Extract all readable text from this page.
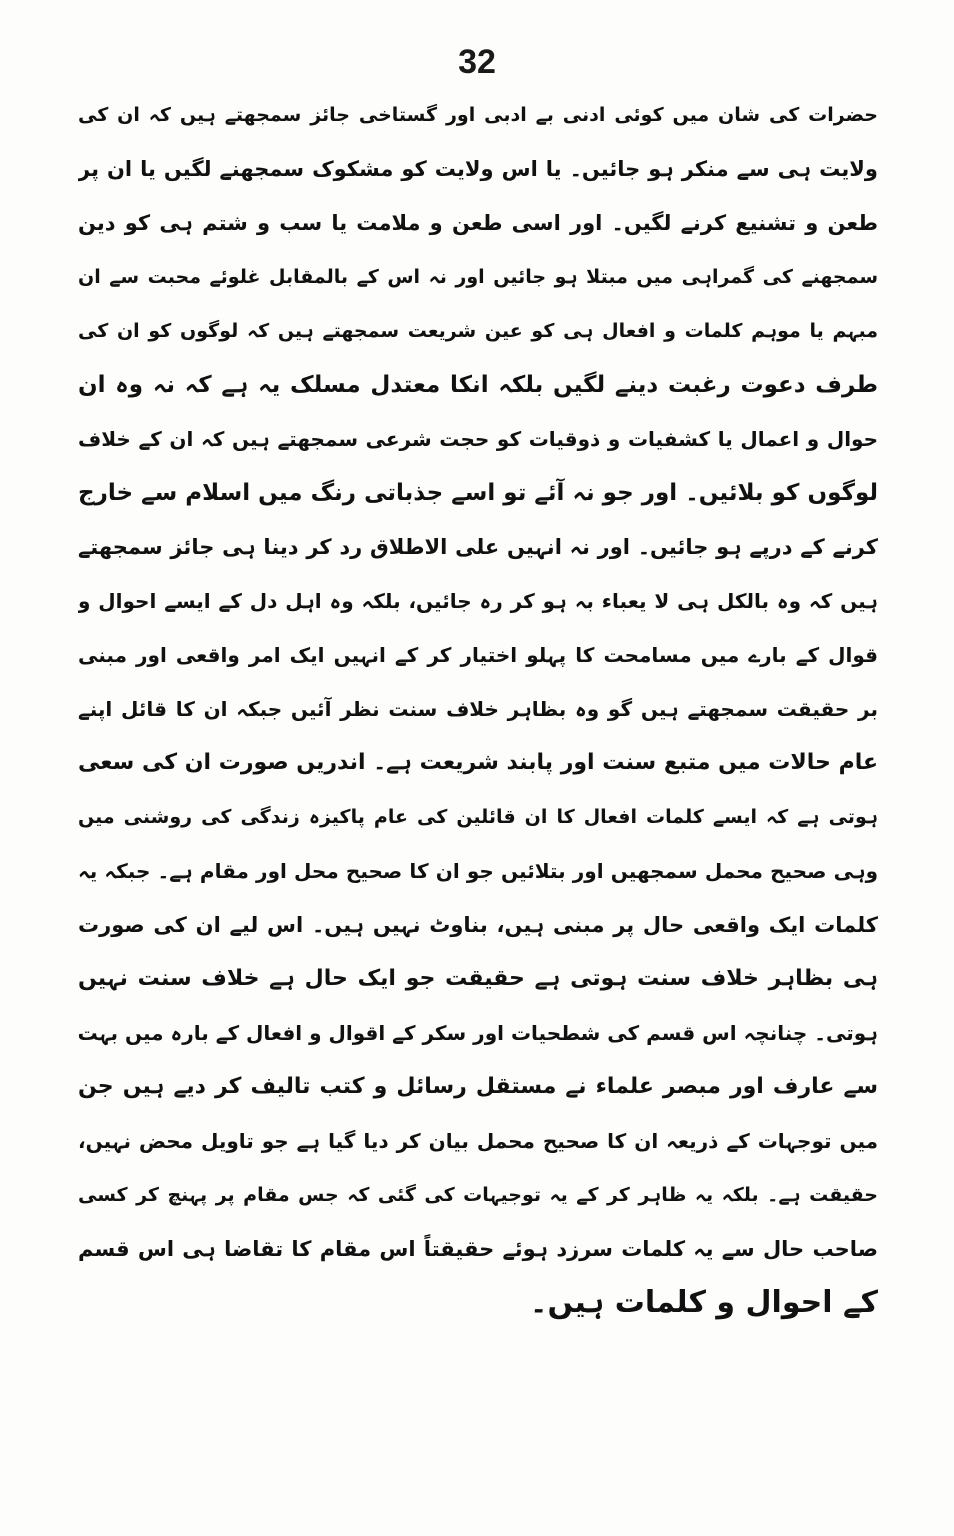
32
حضرات کی شان میں کوئی ادنی بے ادبی اور گستاخی جائز سمجھتے ہیں کہ ان کی
ولایت ہی سے منکر ہو جائیں۔ یا اس ولایت کو مشکوک سمجھنے لگیں یا ان پر
طعن و تشنیع کرنے لگیں۔ اور اسی طعن و ملامت یا سب و شتم ہی کو دین
سمجھنے کی گمراہی میں مبتلا ہو جائیں اور نہ اس کے بالمقابل غلوئے محبت سے ان
مبہم یا موہم کلمات و افعال ہی کو عین شریعت سمجھتے ہیں کہ لوگوں کو ان کی
طرف دعوت رغبت دینے لگیں بلکہ انکا معتدل مسلک یہ ہے کہ نہ وہ ان
حوال و اعمال یا کشفیات و ذوقیات کو حجت شرعی سمجھتے ہیں کہ ان کے خلاف
لوگوں کو بلائیں۔ اور جو نہ آئے تو اسے جذباتی رنگ میں اسلام سے خارج
کرنے کے درپے ہو جائیں۔ اور نہ انہیں علی الاطلاق رد کر دینا ہی جائز سمجھتے
ہیں کہ وہ بالکل ہی لا یعباء بہ ہو کر رہ جائیں، بلکہ وہ اہل دل کے ایسے احوال و
قوال کے بارے میں مسامحت کا پہلو اختیار کر کے انہیں ایک امر واقعی اور مبنی
بر حقیقت سمجھتے ہیں گو وہ بظاہر خلاف سنت نظر آئیں جبکہ ان کا قائل اپنے
عام حالات میں متبع سنت اور پابند شریعت ہے۔ اندریں صورت ان کی سعی
ہوتی ہے کہ ایسے کلمات افعال کا ان قائلین کی عام پاکیزہ زندگی کی روشنی میں
وہی صحیح محمل سمجھیں اور بتلائیں جو ان کا صحیح محل اور مقام ہے۔ جبکہ یہ
کلمات ایک واقعی حال پر مبنی ہیں، بناوٹ نہیں ہیں۔ اس لیے ان کی صورت
ہی بظاہر خلاف سنت ہوتی ہے حقیقت جو ایک حال ہے خلاف سنت نہیں
ہوتی۔ چنانچہ اس قسم کی شطحیات اور سکر کے اقوال و افعال کے بارہ میں بہت
سے عارف اور مبصر علماء نے مستقل رسائل و کتب تالیف کر دیے ہیں جن
میں توجہات کے ذریعہ ان کا صحیح محمل بیان کر دیا گیا ہے جو تاویل محض نہیں،
حقیقت ہے۔ بلکہ یہ ظاہر کر کے یہ توجیہات کی گئی کہ جس مقام پر پہنچ کر کسی
صاحب حال سے یہ کلمات سرزد ہوئے حقیقتاً اس مقام کا تقاضا ہی اس قسم
کے احوال و کلمات ہیں۔
